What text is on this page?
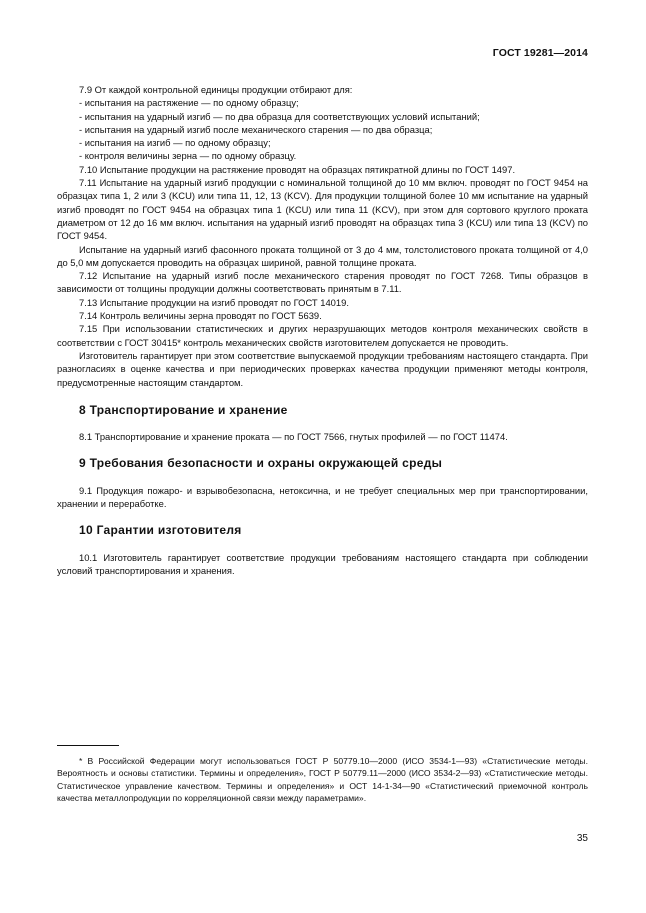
ГОСТ 19281—2014

7.9 От каждой контрольной единицы продукции отбирают для:

- испытания на растяжение — по одному образцу;

- испытания на ударный изгиб — по два образца для соответствующих условий испытаний;

- испытания на ударный изгиб после механического старения — по два образца;

- испытания на изгиб — по одному образцу;

- контроля величины зерна — по одному образцу.

7.10 Испытание продукции на растяжение проводят на образцах пятикратной длины по ГОСТ 1497.

7.11 Испытание на ударный изгиб продукции с номинальной толщиной до 10 мм включ. проводят по ГОСТ 9454 на образцах типа 1, 2 или 3 (KCU) или типа 11, 12, 13 (KCV). Для продукции толщиной более 10 мм испытание на ударный изгиб проводят по ГОСТ 9454 на образцах типа 1 (KCU) или типа 11 (KCV), при этом для сортового круглого проката диаметром от 12 до 16 мм включ. испытания на ударный изгиб проводят на образцах типа 3 (KCU) или типа 13 (KCV) по ГОСТ 9454.

Испытание на ударный изгиб фасонного проката толщиной от 3 до 4 мм, толстолистового проката толщиной от 4,0 до 5,0 мм допускается проводить на образцах шириной, равной толщине проката.

7.12 Испытание на ударный изгиб после механического старения проводят по ГОСТ 7268. Типы образцов в зависимости от толщины продукции должны соответствовать принятым в 7.11.

7.13 Испытание продукции на изгиб проводят по ГОСТ 14019.

7.14 Контроль величины зерна проводят по ГОСТ 5639.

7.15 При использовании статистических и других неразрушающих методов контроля механических свойств в соответствии с ГОСТ 30415* контроль механических свойств изготовителем допускается не проводить.

Изготовитель гарантирует при этом соответствие выпускаемой продукции требованиям настоящего стандарта. При разногласиях в оценке качества и при периодических проверках качества продукции применяют методы контроля, предусмотренные настоящим стандартом.

8 Транспортирование и хранение

8.1 Транспортирование и хранение проката — по ГОСТ 7566, гнутых профилей — по ГОСТ 11474.

9 Требования безопасности и охраны окружающей среды

9.1 Продукция пожаро- и взрывобезопасна, нетоксична, и не требует специальных мер при транспортировании, хранении и переработке.

10 Гарантии изготовителя

10.1 Изготовитель гарантирует соответствие продукции требованиям настоящего стандарта при соблюдении условий транспортирования и хранения.

* В Российской Федерации могут использоваться ГОСТ Р 50779.10—2000 (ИСО 3534-1—93) «Статистические методы. Вероятность и основы статистики. Термины и определения», ГОСТ Р 50779.11—2000 (ИСО 3534-2—93) «Статистические методы. Статистическое управление качеством. Термины и определения» и ОСТ 14-1-34—90 «Статистический приемочной контроль качества металлопродукции по корреляционной связи между параметрами».

35
